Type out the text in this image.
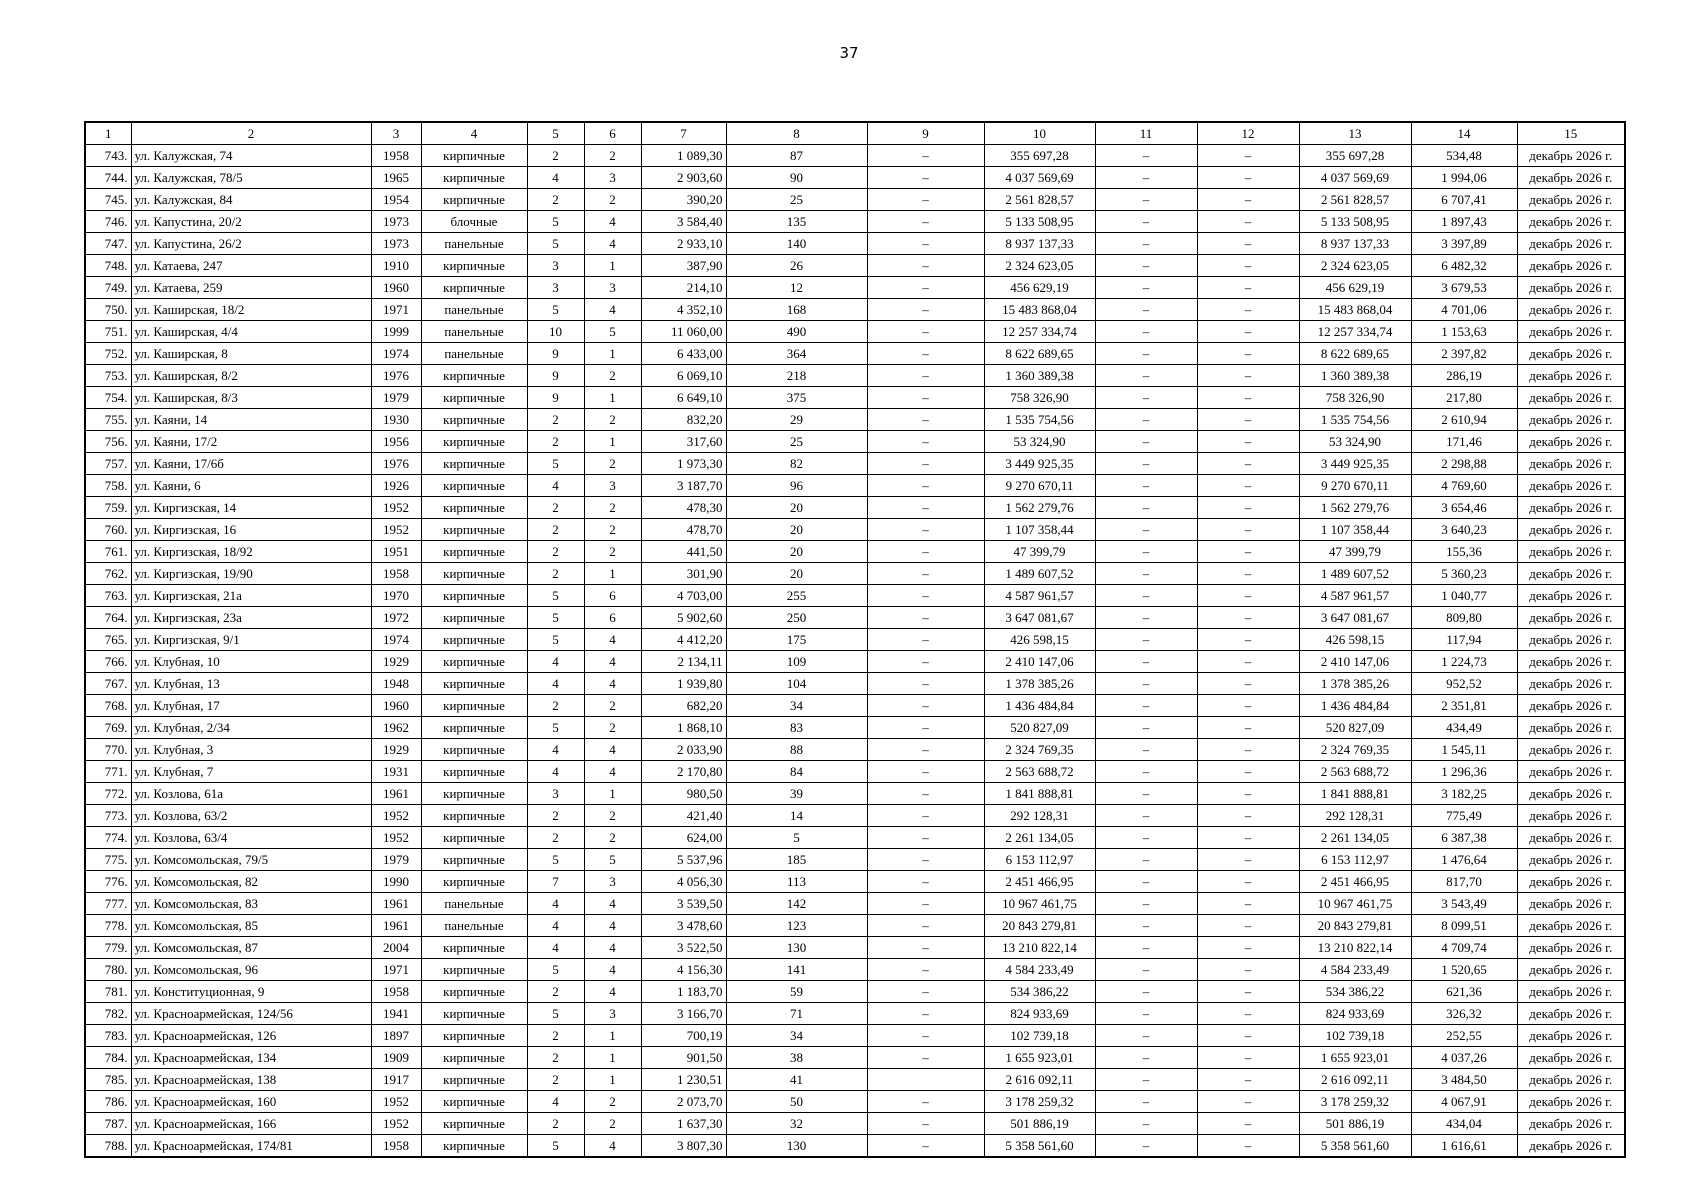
37
1	2	3	4	5	6	7	8	9	10	11	12	13	14	15
743.	ул. Калужская, 74	1958	кирпичные	2	2	1 089,30	87	–	355 697,28	–	–	355 697,28	534,48	декабрь 2026 г.
744.	ул. Калужская, 78/5	1965	кирпичные	4	3	2 903,60	90	–	4 037 569,69	–	–	4 037 569,69	1 994,06	декабрь 2026 г.
745.	ул. Калужская, 84	1954	кирпичные	2	2	390,20	25	–	2 561 828,57	–	–	2 561 828,57	6 707,41	декабрь 2026 г.
746.	ул. Капустина, 20/2	1973	блочные	5	4	3 584,40	135	–	5 133 508,95	–	–	5 133 508,95	1 897,43	декабрь 2026 г.
747.	ул. Капустина, 26/2	1973	панельные	5	4	2 933,10	140	–	8 937 137,33	–	–	8 937 137,33	3 397,89	декабрь 2026 г.
748.	ул. Катаева, 247	1910	кирпичные	3	1	387,90	26	–	2 324 623,05	–	–	2 324 623,05	6 482,32	декабрь 2026 г.
749.	ул. Катаева, 259	1960	кирпичные	3	3	214,10	12	–	456 629,19	–	–	456 629,19	3 679,53	декабрь 2026 г.
750.	ул. Каширская, 18/2	1971	панельные	5	4	4 352,10	168	–	15 483 868,04	–	–	15 483 868,04	4 701,06	декабрь 2026 г.
751.	ул. Каширская, 4/4	1999	панельные	10	5	11 060,00	490	–	12 257 334,74	–	–	12 257 334,74	1 153,63	декабрь 2026 г.
752.	ул. Каширская, 8	1974	панельные	9	1	6 433,00	364	–	8 622 689,65	–	–	8 622 689,65	2 397,82	декабрь 2026 г.
753.	ул. Каширская, 8/2	1976	кирпичные	9	2	6 069,10	218	–	1 360 389,38	–	–	1 360 389,38	286,19	декабрь 2026 г.
754.	ул. Каширская, 8/3	1979	кирпичные	9	1	6 649,10	375	–	758 326,90	–	–	758 326,90	217,80	декабрь 2026 г.
755.	ул. Каяни, 14	1930	кирпичные	2	2	832,20	29	–	1 535 754,56	–	–	1 535 754,56	2 610,94	декабрь 2026 г.
756.	ул. Каяни, 17/2	1956	кирпичные	2	1	317,60	25	–	53 324,90	–	–	53 324,90	171,46	декабрь 2026 г.
757.	ул. Каяни, 17/6б	1976	кирпичные	5	2	1 973,30	82	–	3 449 925,35	–	–	3 449 925,35	2 298,88	декабрь 2026 г.
758.	ул. Каяни, 6	1926	кирпичные	4	3	3 187,70	96	–	9 270 670,11	–	–	9 270 670,11	4 769,60	декабрь 2026 г.
759.	ул. Киргизская, 14	1952	кирпичные	2	2	478,30	20	–	1 562 279,76	–	–	1 562 279,76	3 654,46	декабрь 2026 г.
760.	ул. Киргизская, 16	1952	кирпичные	2	2	478,70	20	–	1 107 358,44	–	–	1 107 358,44	3 640,23	декабрь 2026 г.
761.	ул. Киргизская, 18/92	1951	кирпичные	2	2	441,50	20	–	47 399,79	–	–	47 399,79	155,36	декабрь 2026 г.
762.	ул. Киргизская, 19/90	1958	кирпичные	2	1	301,90	20	–	1 489 607,52	–	–	1 489 607,52	5 360,23	декабрь 2026 г.
763.	ул. Киргизская, 21а	1970	кирпичные	5	6	4 703,00	255	–	4 587 961,57	–	–	4 587 961,57	1 040,77	декабрь 2026 г.
764.	ул. Киргизская, 23а	1972	кирпичные	5	6	5 902,60	250	–	3 647 081,67	–	–	3 647 081,67	809,80	декабрь 2026 г.
765.	ул. Киргизская, 9/1	1974	кирпичные	5	4	4 412,20	175	–	426 598,15	–	–	426 598,15	117,94	декабрь 2026 г.
766.	ул. Клубная, 10	1929	кирпичные	4	4	2 134,11	109	–	2 410 147,06	–	–	2 410 147,06	1 224,73	декабрь 2026 г.
767.	ул. Клубная, 13	1948	кирпичные	4	4	1 939,80	104	–	1 378 385,26	–	–	1 378 385,26	952,52	декабрь 2026 г.
768.	ул. Клубная, 17	1960	кирпичные	2	2	682,20	34	–	1 436 484,84	–	–	1 436 484,84	2 351,81	декабрь 2026 г.
769.	ул. Клубная, 2/34	1962	кирпичные	5	2	1 868,10	83	–	520 827,09	–	–	520 827,09	434,49	декабрь 2026 г.
770.	ул. Клубная, 3	1929	кирпичные	4	4	2 033,90	88	–	2 324 769,35	–	–	2 324 769,35	1 545,11	декабрь 2026 г.
771.	ул. Клубная, 7	1931	кирпичные	4	4	2 170,80	84	–	2 563 688,72	–	–	2 563 688,72	1 296,36	декабрь 2026 г.
772.	ул. Козлова, 61а	1961	кирпичные	3	1	980,50	39	–	1 841 888,81	–	–	1 841 888,81	3 182,25	декабрь 2026 г.
773.	ул. Козлова, 63/2	1952	кирпичные	2	2	421,40	14	–	292 128,31	–	–	292 128,31	775,49	декабрь 2026 г.
774.	ул. Козлова, 63/4	1952	кирпичные	2	2	624,00	5	–	2 261 134,05	–	–	2 261 134,05	6 387,38	декабрь 2026 г.
775.	ул. Комсомольская, 79/5	1979	кирпичные	5	5	5 537,96	185	–	6 153 112,97	–	–	6 153 112,97	1 476,64	декабрь 2026 г.
776.	ул. Комсомольская, 82	1990	кирпичные	7	3	4 056,30	113	–	2 451 466,95	–	–	2 451 466,95	817,70	декабрь 2026 г.
777.	ул. Комсомольская, 83	1961	панельные	4	4	3 539,50	142	–	10 967 461,75	–	–	10 967 461,75	3 543,49	декабрь 2026 г.
778.	ул. Комсомольская, 85	1961	панельные	4	4	3 478,60	123	–	20 843 279,81	–	–	20 843 279,81	8 099,51	декабрь 2026 г.
779.	ул. Комсомольская, 87	2004	кирпичные	4	4	3 522,50	130	–	13 210 822,14	–	–	13 210 822,14	4 709,74	декабрь 2026 г.
780.	ул. Комсомольская, 96	1971	кирпичные	5	4	4 156,30	141	–	4 584 233,49	–	–	4 584 233,49	1 520,65	декабрь 2026 г.
781.	ул. Конституционная, 9	1958	кирпичные	2	4	1 183,70	59	–	534 386,22	–	–	534 386,22	621,36	декабрь 2026 г.
782.	ул. Красноармейская, 124/56	1941	кирпичные	5	3	3 166,70	71	–	824 933,69	–	–	824 933,69	326,32	декабрь 2026 г.
783.	ул. Красноармейская, 126	1897	кирпичные	2	1	700,19	34	–	102 739,18	–	–	102 739,18	252,55	декабрь 2026 г.
784.	ул. Красноармейская, 134	1909	кирпичные	2	1	901,50	38	–	1 655 923,01	–	–	1 655 923,01	4 037,26	декабрь 2026 г.
785.	ул. Красноармейская, 138	1917	кирпичные	2	1	1 230,51	41		2 616 092,11	–	–	2 616 092,11	3 484,50	декабрь 2026 г.
786.	ул. Красноармейская, 160	1952	кирпичные	4	2	2 073,70	50	–	3 178 259,32	–	–	3 178 259,32	4 067,91	декабрь 2026 г.
787.	ул. Красноармейская, 166	1952	кирпичные	2	2	1 637,30	32	–	501 886,19	–	–	501 886,19	434,04	декабрь 2026 г.
788.	ул. Красноармейская, 174/81	1958	кирпичные	5	4	3 807,30	130	–	5 358 561,60	–	–	5 358 561,60	1 616,61	декабрь 2026 г.
